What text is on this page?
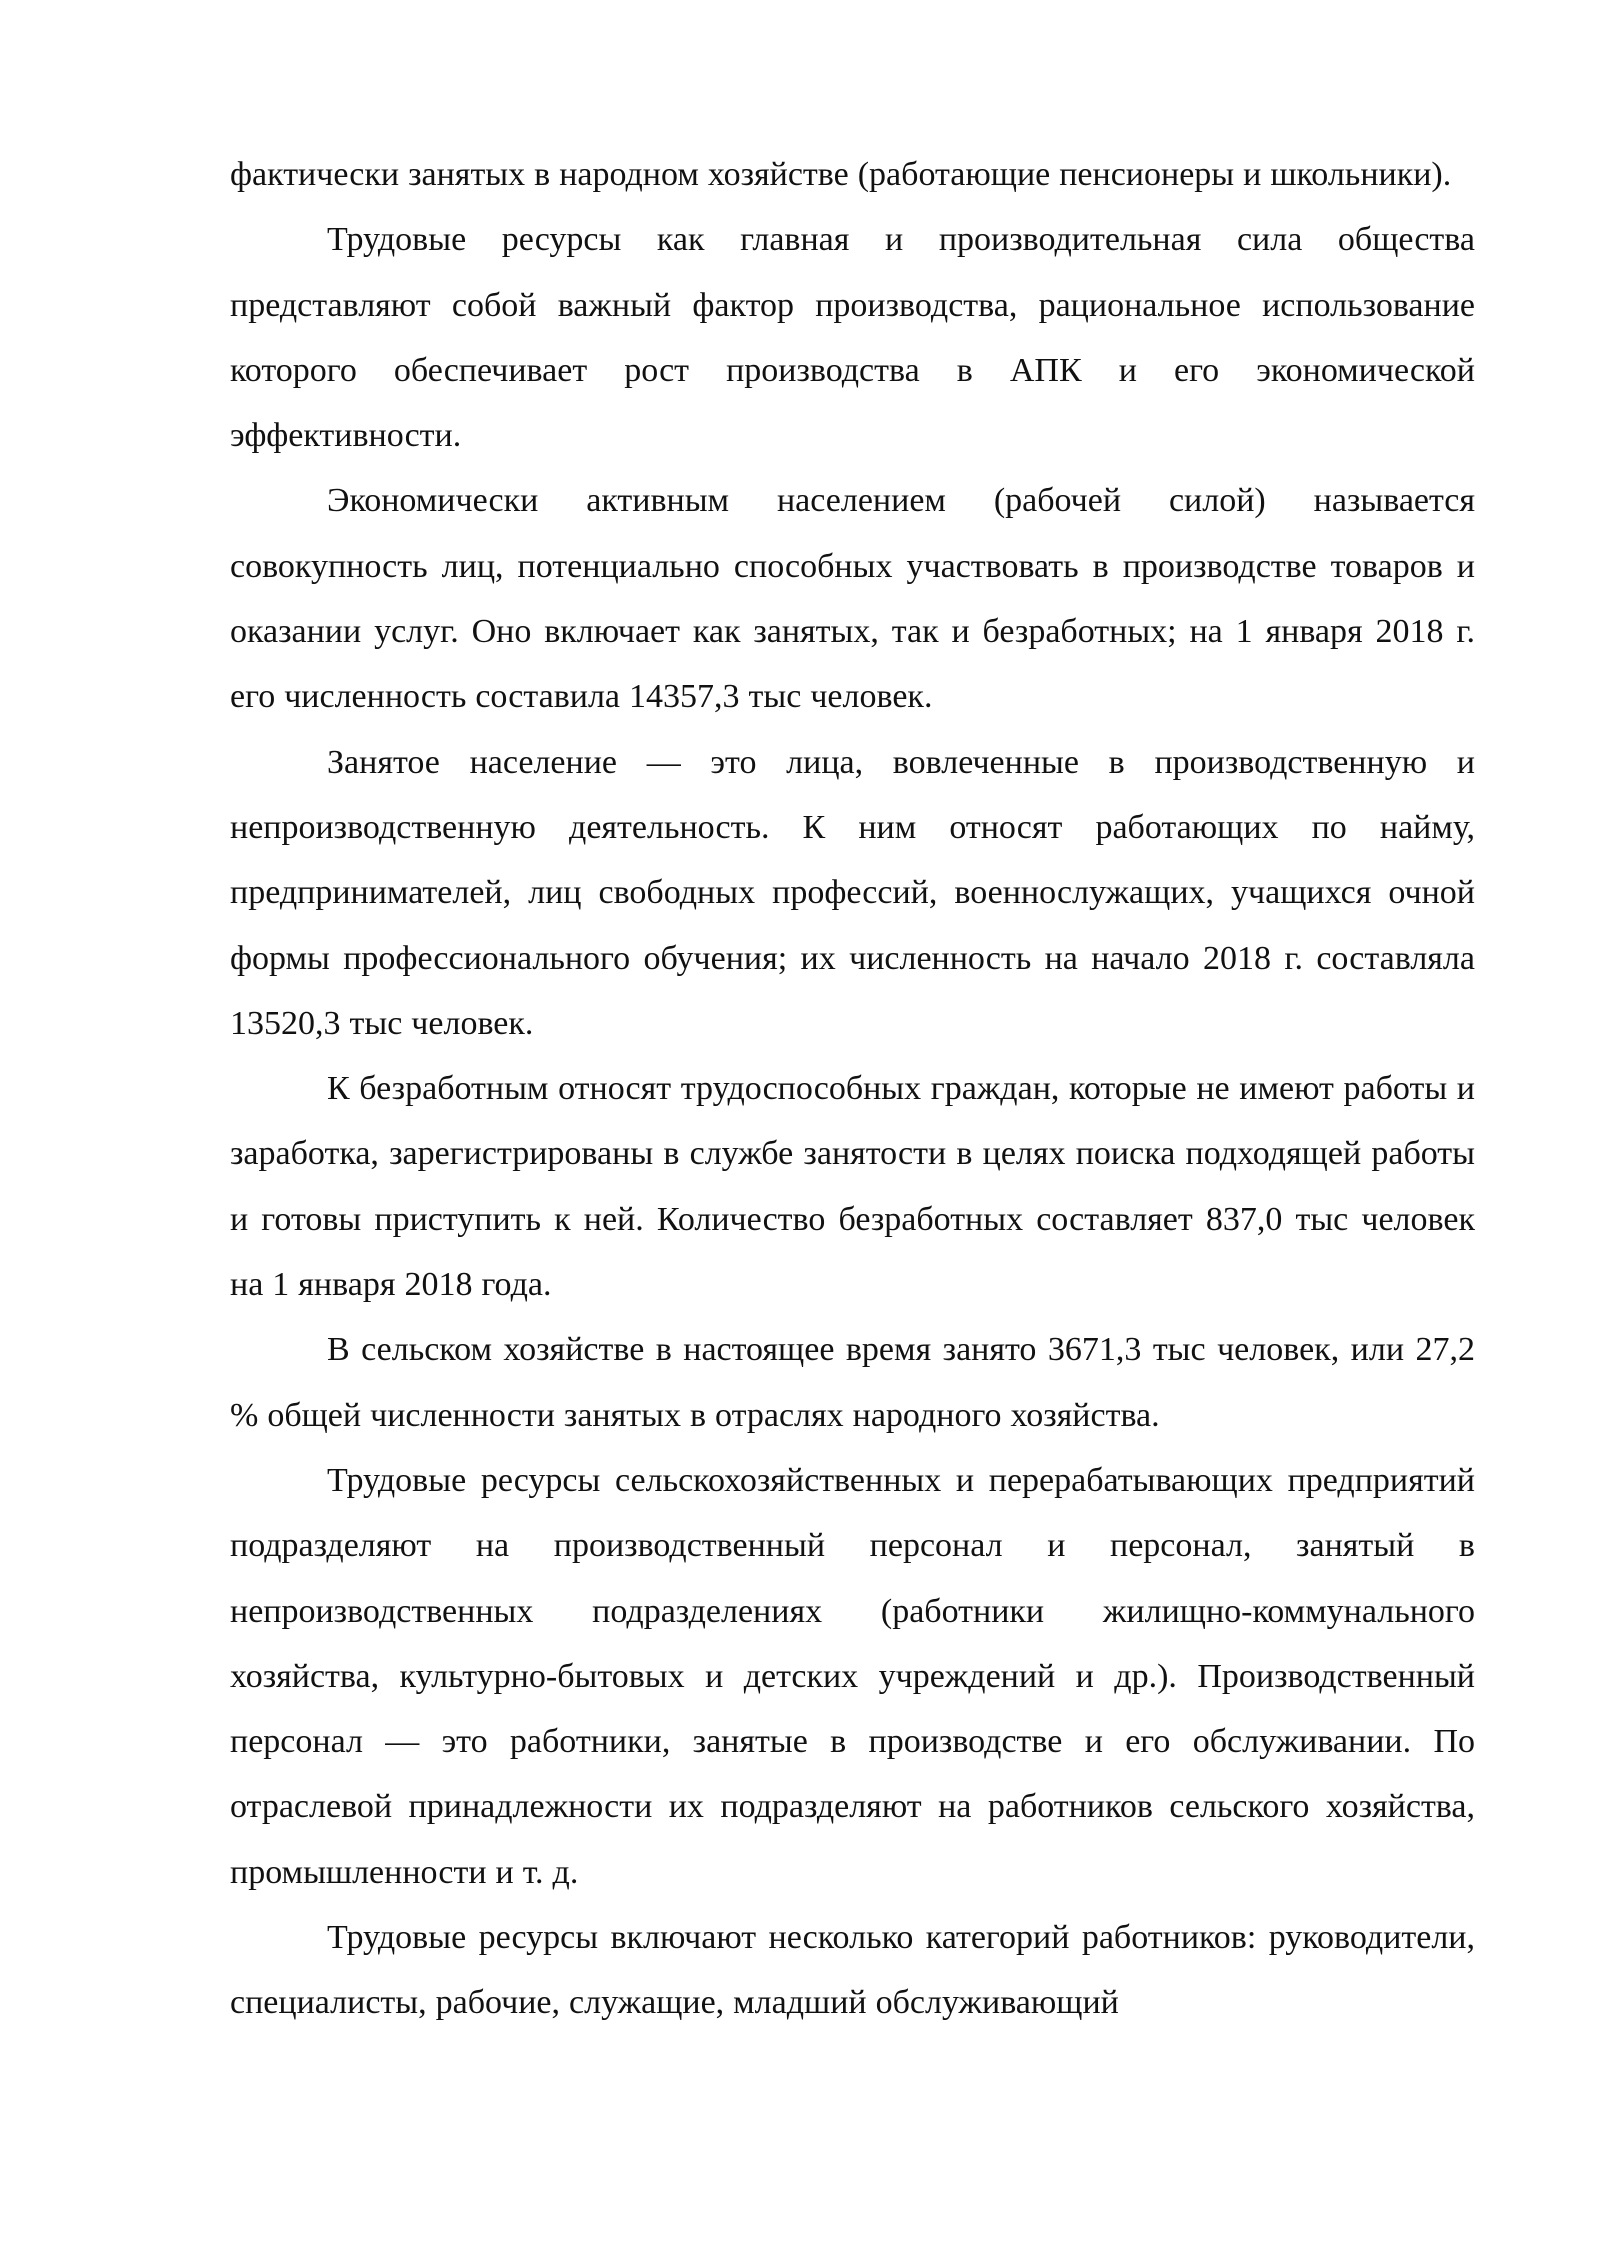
фактически занятых в народном хозяйстве (работающие пенсионеры и школьники).

Трудовые ресурсы как главная и производительная сила общества представляют собой важный фактор производства, рациональное использование которого обеспечивает рост производства в АПК и его экономической эффективности.

Экономически активным населением (рабочей силой) называется совокупность лиц, потенциально способных участвовать в производстве товаров и оказании услуг. Оно включает как занятых, так и безработных; на 1 января 2018 г. его численность составила 14357,3 тыс человек.

Занятое население — это лица, вовлеченные в производственную и непроизводственную деятельность. К ним относят работающих по найму, предпринимателей, лиц свободных профессий, военнослужащих, учащихся очной формы профессионального обучения; их численность на начало 2018 г. составляла 13520,3 тыс человек.

К безработным относят трудоспособных граждан, которые не имеют работы и заработка, зарегистрированы в службе занятости в целях поиска подходящей работы и готовы приступить к ней. Количество безработных составляет 837,0 тыс человек на 1 января 2018 года.

В сельском хозяйстве в настоящее время занято 3671,3 тыс человек, или 27,2 % общей численности занятых в отраслях народного хозяйства.

Трудовые ресурсы сельскохозяйственных и перерабатывающих предприятий подразделяют на производственный персонал и персонал, занятый в непроизводственных подразделениях (работники жилищно-коммунального хозяйства, культурно-бытовых и детских учреждений и др.). Производственный персонал — это работники, занятые в производстве и его обслуживании. По отраслевой принадлежности их подразделяют на работников сельского хозяйства, промышленности и т. д.

Трудовые ресурсы включают несколько категорий работников: руководители, специалисты, рабочие, служащие, младший обслуживающий
